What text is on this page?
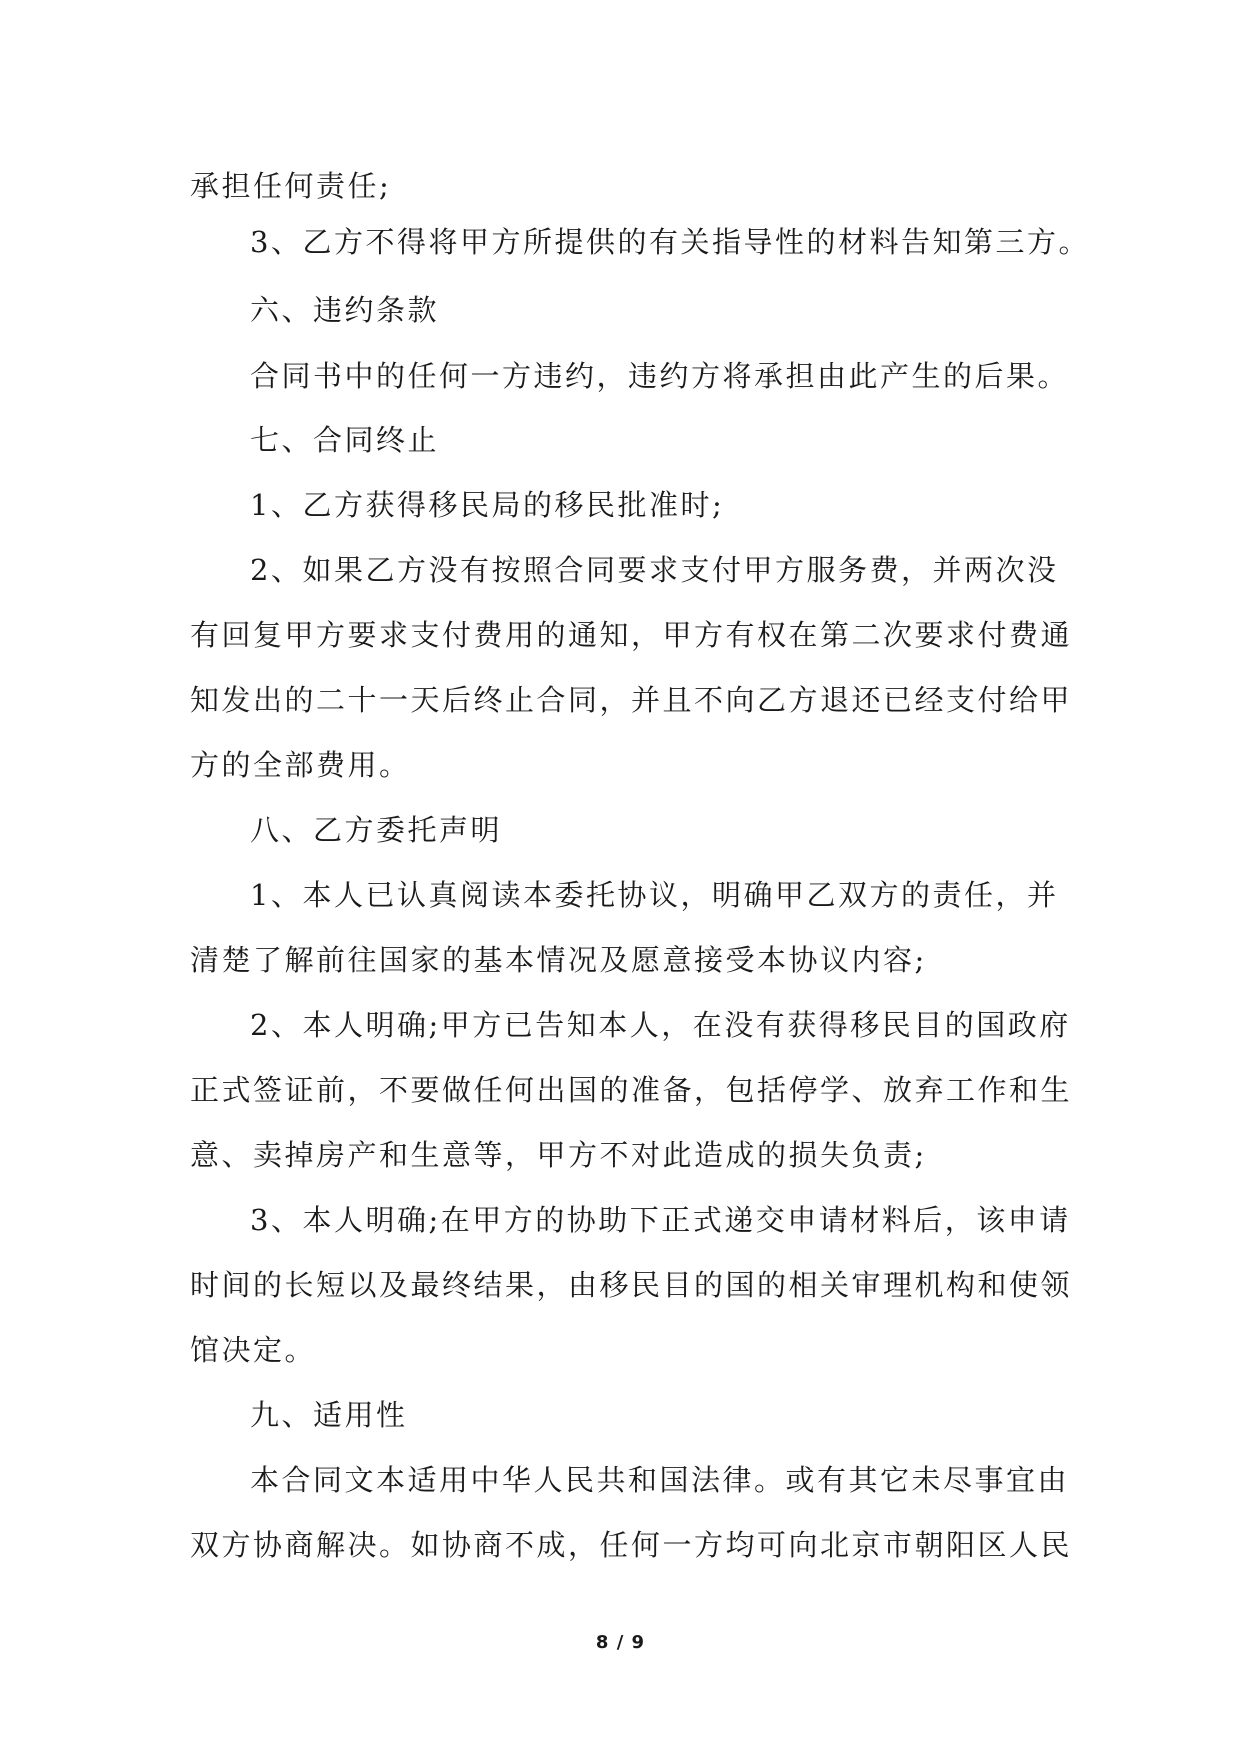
承担任何责任;
3、乙方不得将甲方所提供的有关指导性的材料告知第三方。
六、违约条款
合同书中的任何一方违约，违约方将承担由此产生的后果。
七、合同终止
1、乙方获得移民局的移民批准时;
2、如果乙方没有按照合同要求支付甲方服务费，并两次没
有回复甲方要求支付费用的通知，甲方有权在第二次要求付费通
知发出的二十一天后终止合同，并且不向乙方退还已经支付给甲
方的全部费用。
八、乙方委托声明
1、本人已认真阅读本委托协议，明确甲乙双方的责任，并
清楚了解前往国家的基本情况及愿意接受本协议内容;
2、本人明确;甲方已告知本人，在没有获得移民目的国政府
正式签证前，不要做任何出国的准备，包括停学、放弃工作和生
意、卖掉房产和生意等，甲方不对此造成的损失负责;
3、本人明确;在甲方的协助下正式递交申请材料后，该申请
时间的长短以及最终结果，由移民目的国的相关审理机构和使领
馆决定。
九、适用性
本合同文本适用中华人民共和国法律。或有其它未尽事宜由
双方协商解决。如协商不成，任何一方均可向北京市朝阳区人民
8 / 9
